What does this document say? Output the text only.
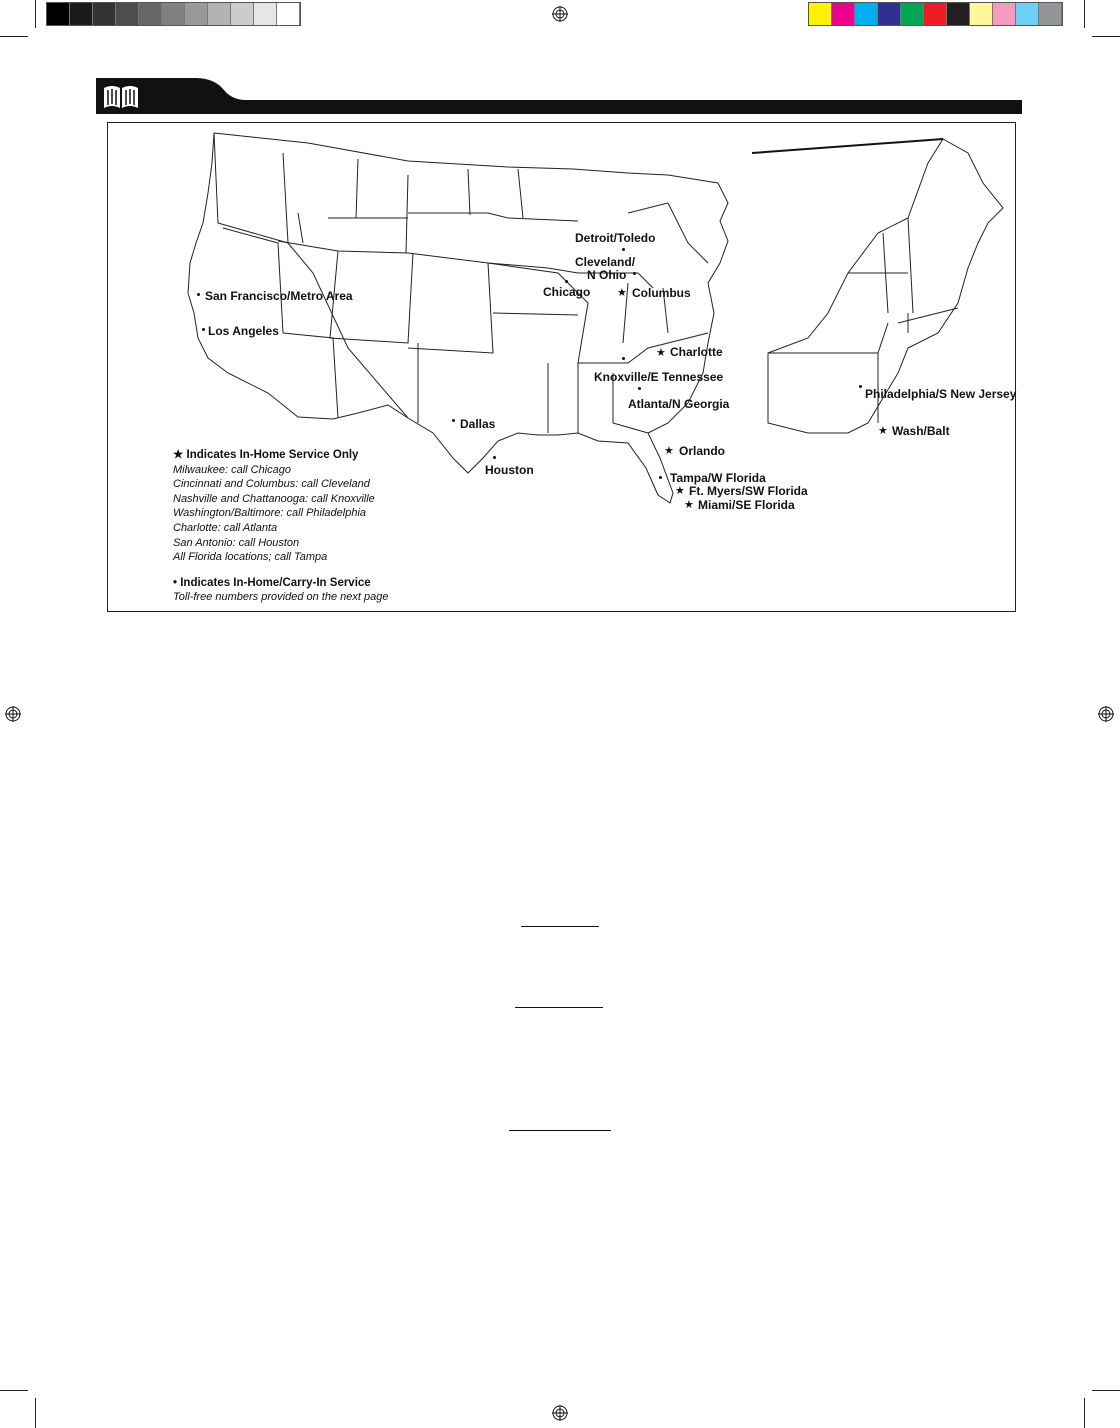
Detroit/Toledo
Cleveland/
N Ohio
Chicago ★ Columbus
San Francisco/Metro Area
Los Angeles
★ Charlotte
Knoxville/E Tennessee
Atlanta/N Georgia
Dallas
Houston
★ Orlando
Tampa/W Florida
★ Ft. Myers/SW Florida
★ Miami/SE Florida
Philadelphia/S New Jersey
★ Wash/Balt
★ Indicates In-Home Service Only
Milwaukee: call Chicago
Cincinnati and Columbus: call Cleveland
Nashville and Chattanooga: call Knoxville
Washington/Baltimore: call Philadelphia
Charlotte: call Atlanta
San Antonio: call Houston
All Florida locations; call Tampa
• Indicates In-Home/Carry-In Service
Toll-free numbers provided on the next page
